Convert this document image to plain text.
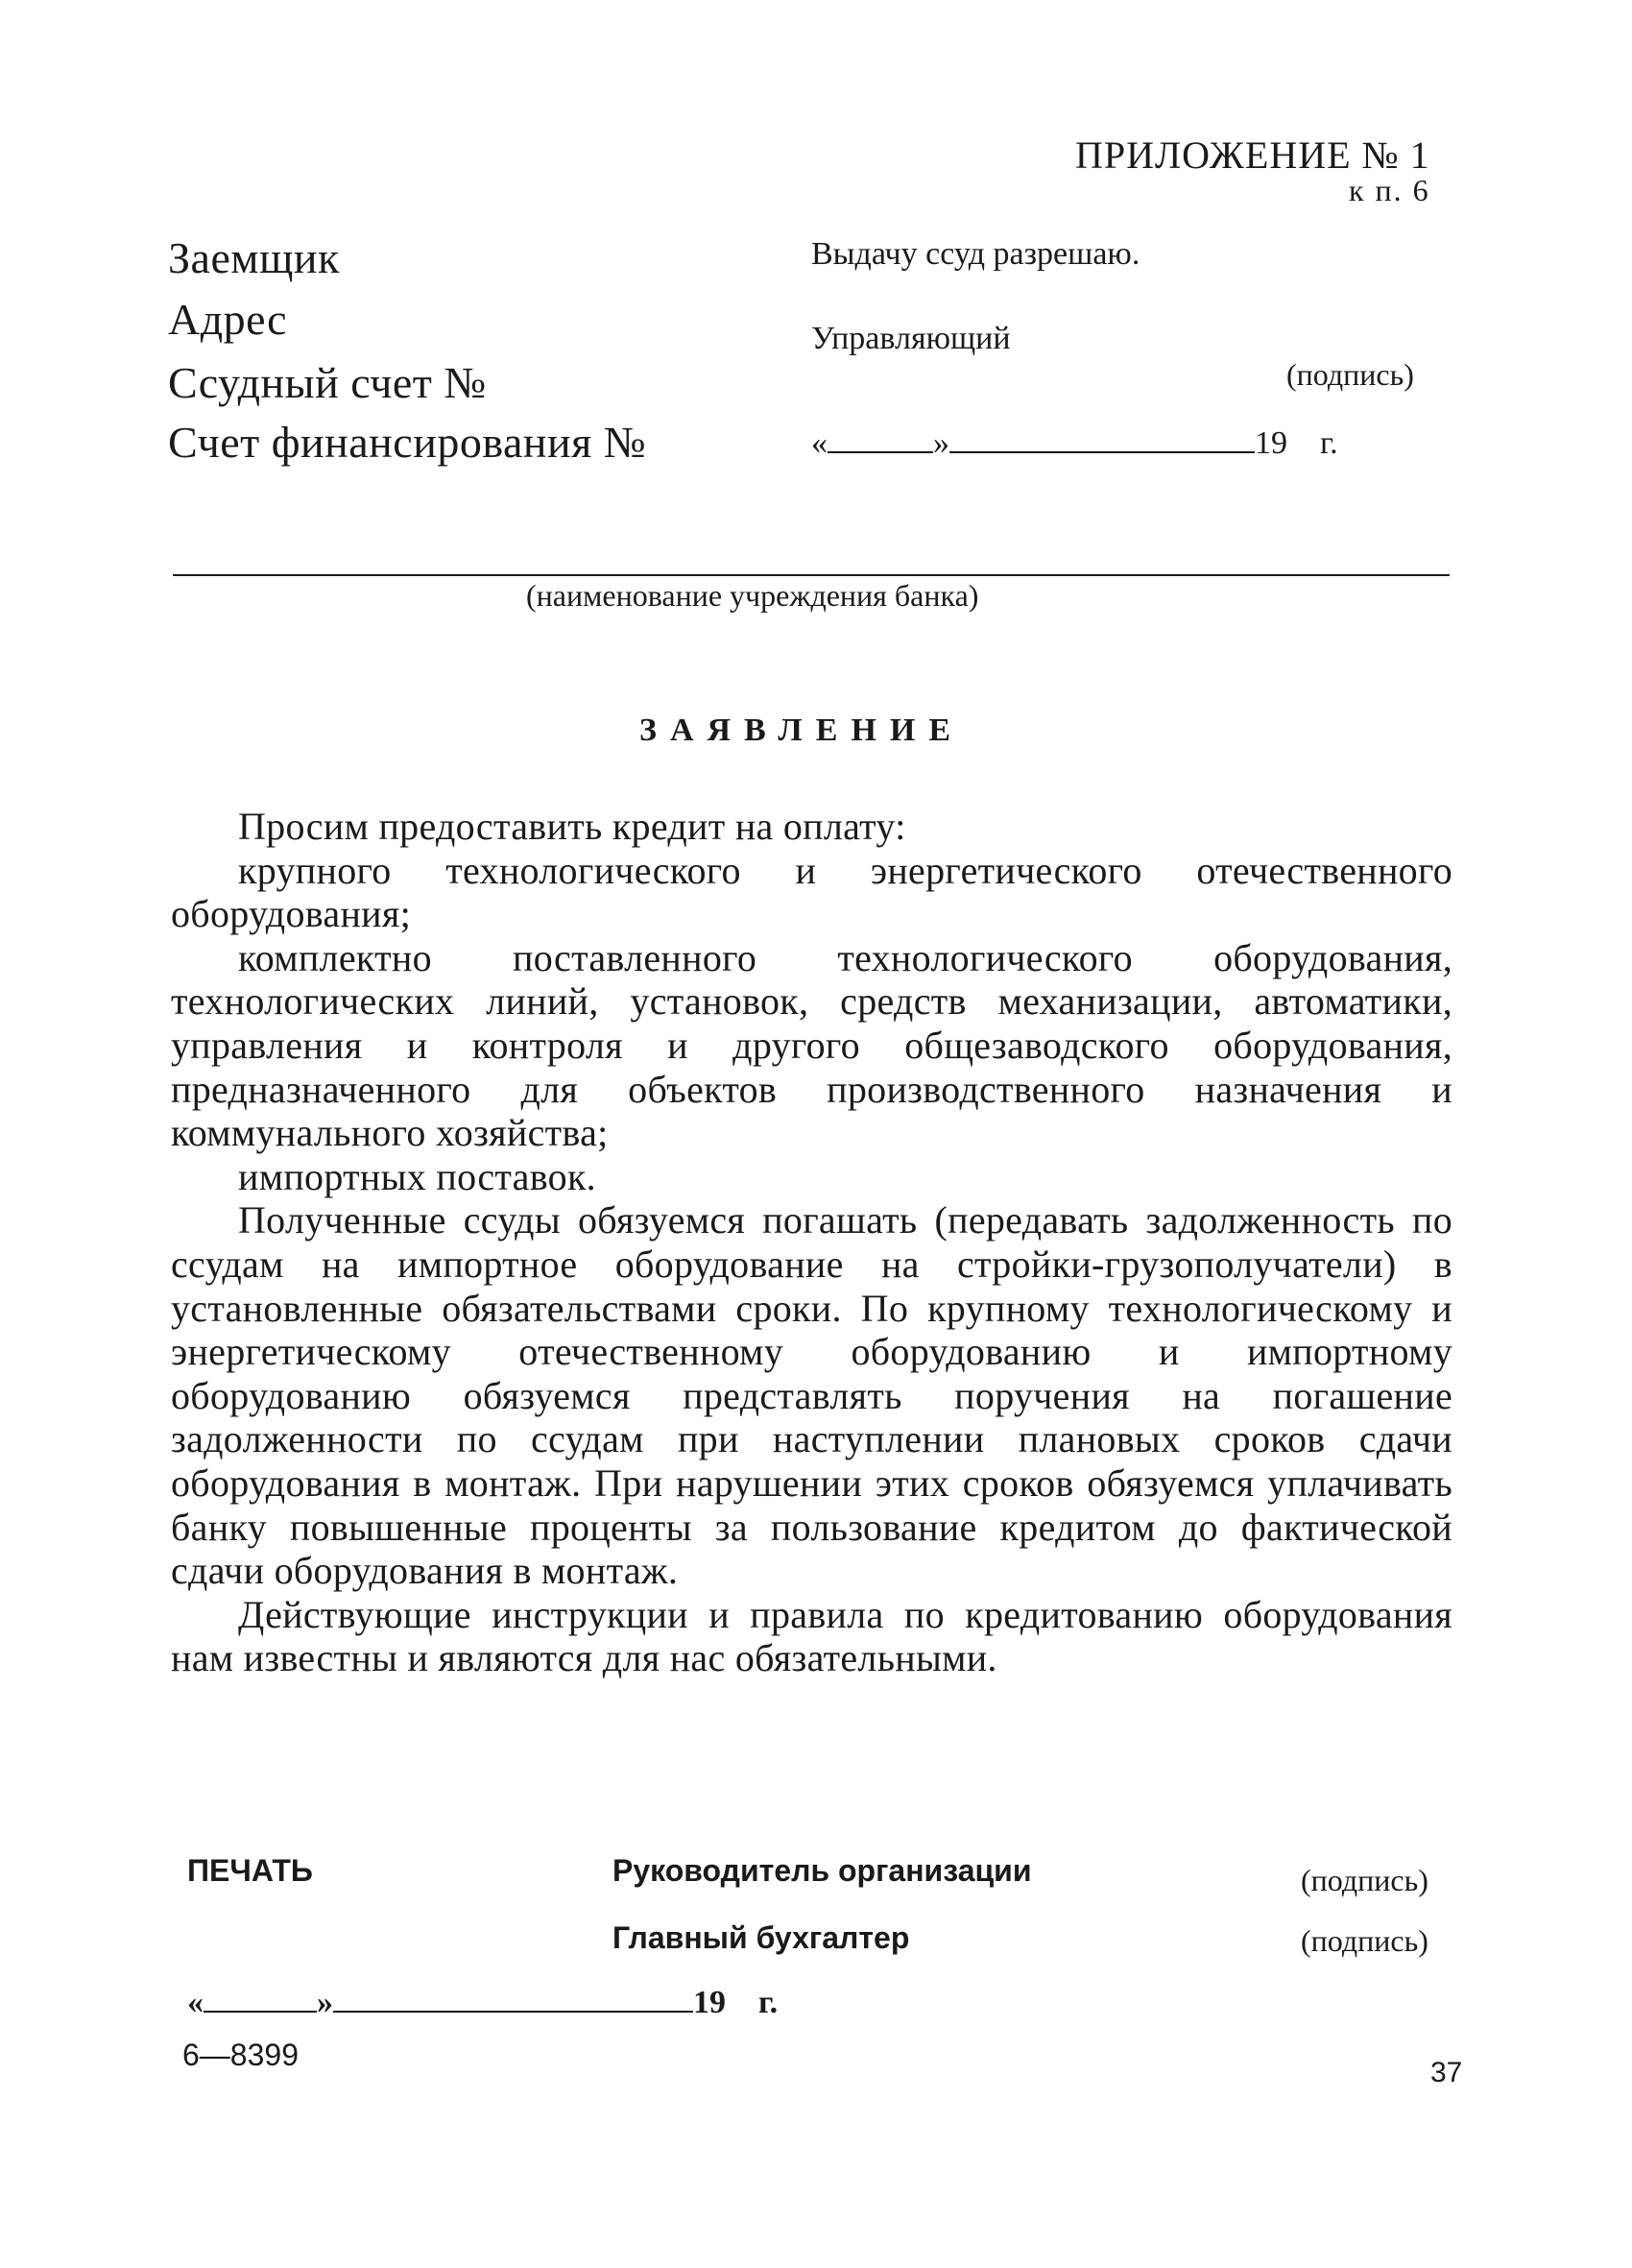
ПРИЛОЖЕНИЕ № 1
к п. 6
Заемщик
Адрес
Ссудный счет №
Счет финансирования №
Выдачу ссуд разрешаю.
Управляющий
(подпись)
«	»	19 г.
(наименование учреждения банка)
ЗАЯВЛЕНИЕ

Просим предоставить кредит на оплату:

крупного технологического и энергетического отечественного оборудования;

комплектно поставленного технологического оборудования, технологических линий, установок, средств механизации, автоматики, управления и контроля и другого общезаводского оборудования, предназначенного для объектов производственного назначения и коммунального хозяйства;

импортных поставок.

Полученные ссуды обязуемся погашать (передавать задолженность по ссудам на импортное оборудование на стройки-грузополучатели) в установленные обязательствами сроки. По крупному технологическому и энергетическому отечественному оборудованию и импортному оборудованию обязуемся представлять поручения на погашение задолженности по ссудам при наступлении плановых сроков сдачи оборудования в монтаж. При нарушении этих сроков обязуемся уплачивать банку повышенные проценты за пользование кредитом до фактической сдачи оборудования в монтаж.

Действующие инструкции и правила по кредитованию оборудования нам известны и являются для нас обязательными.

ПЕЧАТЬ	Руководитель организации	(подпись)
Главный бухгалтер	(подпись)
«	»	19 г.
6—8399
37
